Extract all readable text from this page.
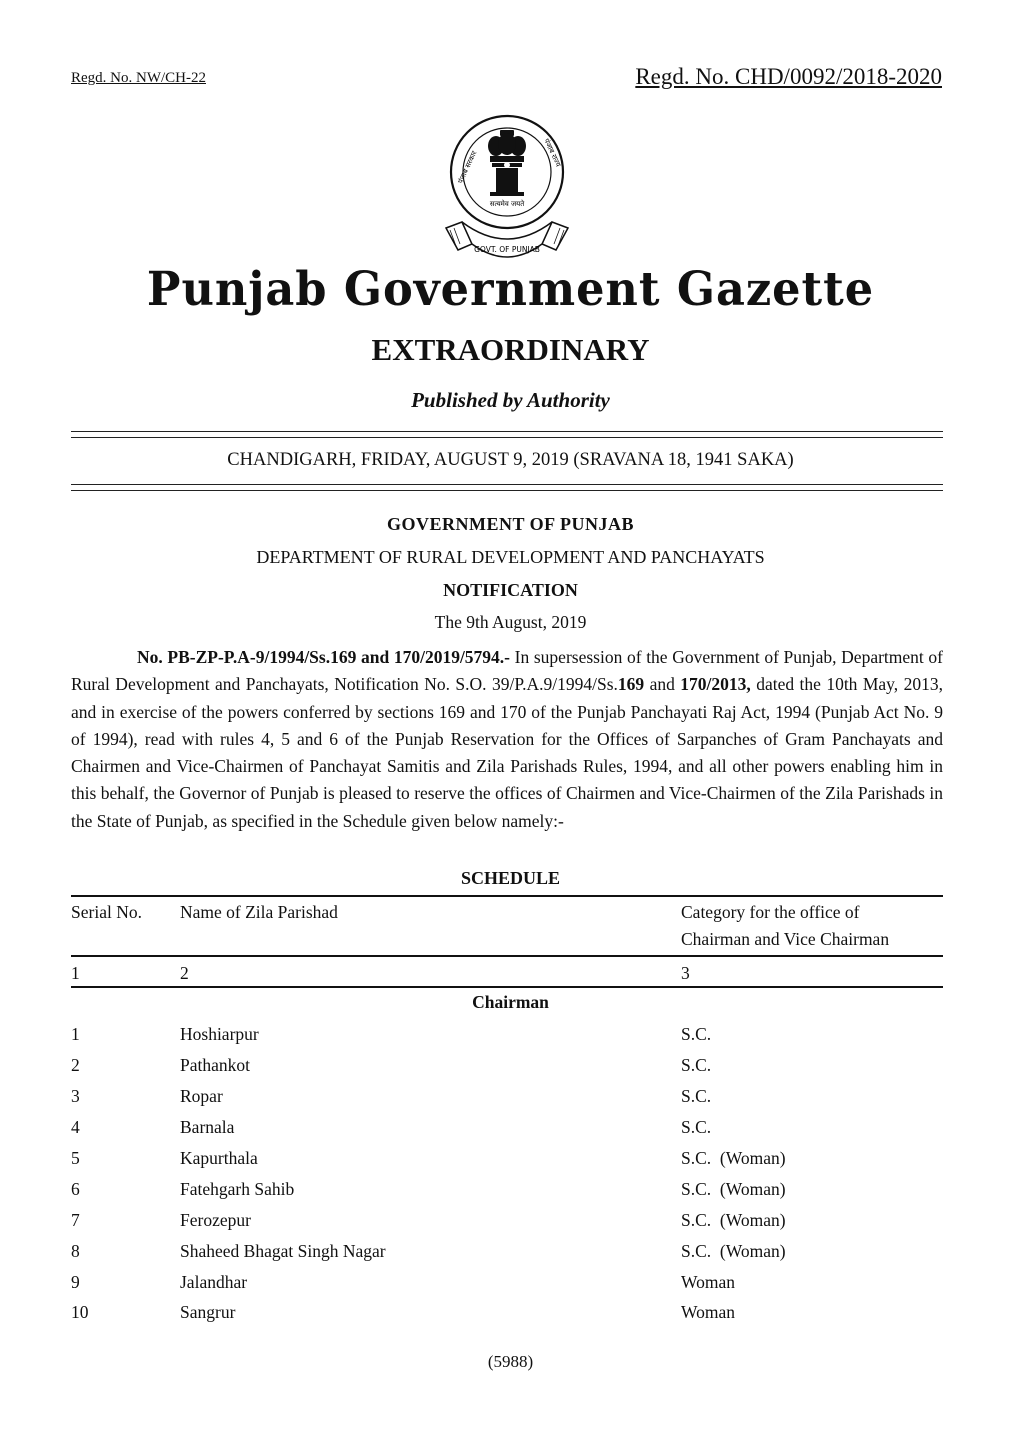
Regd. No. NW/CH-22	Regd. No. CHD/0092/2018-2020
सत्यमेव जयते
पंजाब सरकार	पंजाब राज्य
GOVT. OF PUNJAB
Punjab Government Gazette
EXTRAORDINARY
Published by Authority
CHANDIGARH, FRIDAY, AUGUST 9, 2019 (SRAVANA 18, 1941 SAKA)
GOVERNMENT OF PUNJAB
DEPARTMENT OF RURAL DEVELOPMENT AND PANCHAYATS
NOTIFICATION
The 9th August, 2019
No. PB-ZP-P.A-9/1994/Ss.169 and 170/2019/5794.- In supersession of the Government of Punjab, Department of Rural Development and Panchayats, Notification No. S.O. 39/P.A.9/1994/Ss.169 and 170/2013, dated the 10th May, 2013, and in exercise of the powers conferred by sections 169 and 170 of the Punjab Panchayati Raj Act, 1994 (Punjab Act No. 9 of 1994), read with rules 4, 5 and 6 of the Punjab Reservation for the Offices of Sarpanches of Gram Panchayats and Chairmen and Vice-Chairmen of Panchayat Samitis and Zila Parishads Rules, 1994, and all other powers enabling him in this behalf, the Governor of Punjab is pleased to reserve the offices of Chairmen and Vice-Chairmen of the Zila Parishads in the State of Punjab, as specified in the Schedule given below namely:-
SCHEDULE
Serial No. Name of Zila Parishad	Category for the office of
Chairman and Vice Chairman
1	2	3
Chairman
1	Hoshiarpur	S.C.
2	Pathankot	S.C.
3	Ropar	S.C.
4	Barnala	S.C.
5	Kapurthala	S.C.  (Woman)
6	Fatehgarh Sahib	S.C.  (Woman)
7	Ferozepur	S.C.  (Woman)
8	Shaheed Bhagat Singh Nagar	S.C.  (Woman)
9	Jalandhar	Woman
10	Sangrur	Woman
(5988)
